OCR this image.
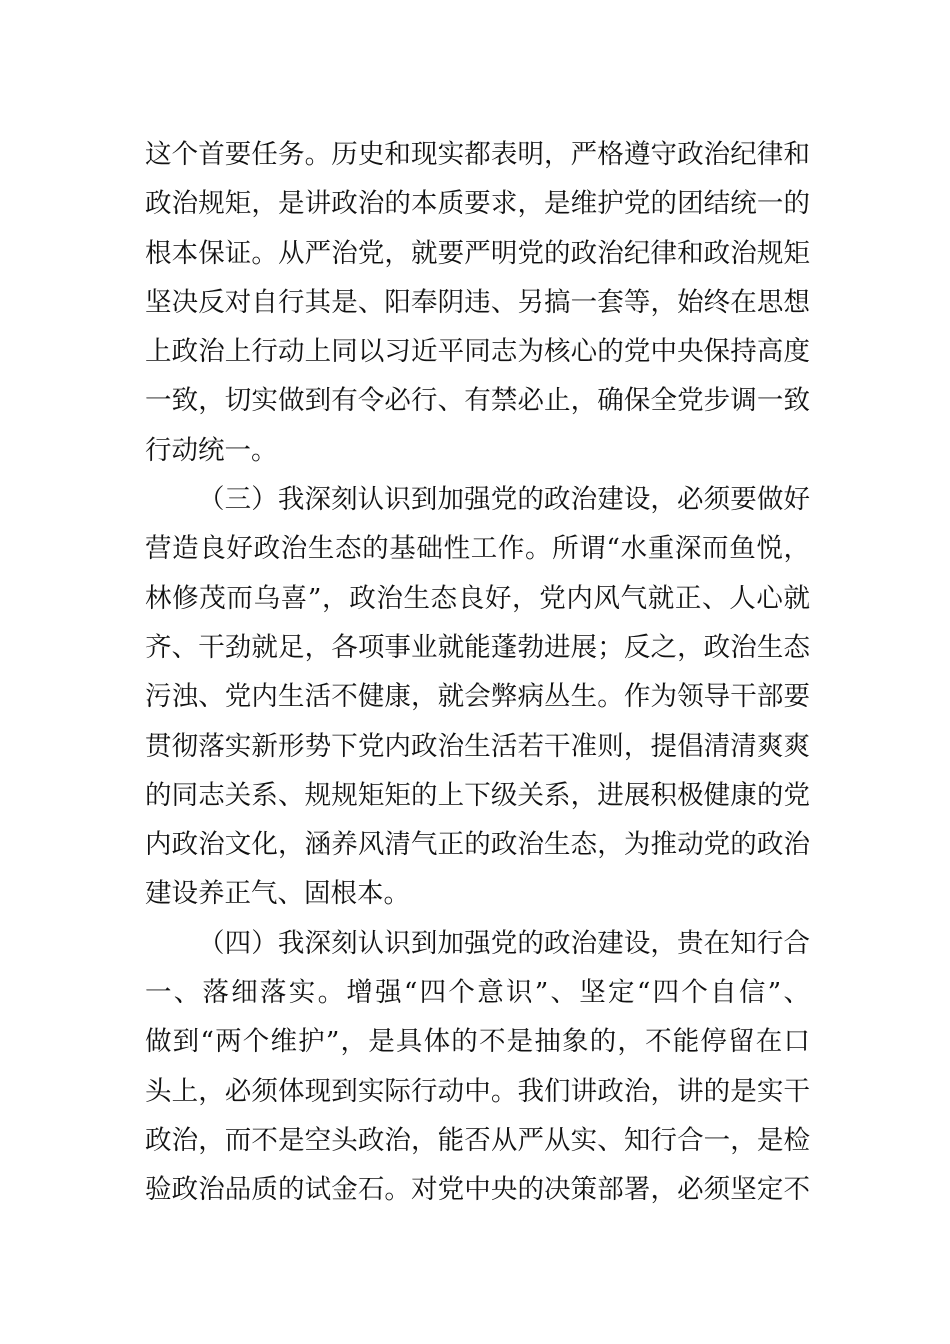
这个首要任务。历史和现实都表明，严格遵守政治纪律和
政治规矩，是讲政治的本质要求，是维护党的团结统一的
根本保证。从严治党，就要严明党的政治纪律和政治规矩
坚决反对自行其是、阳奉阴违、另搞一套等，始终在思想
上政治上行动上同以习近平同志为核心的党中央保持高度
一致，切实做到有令必行、有禁必止，确保全党步调一致
行动统一。
（三）我深刻认识到加强党的政治建设，必须要做好
营造良好政治生态的基础性工作。所谓“水重深而鱼悦，
林修茂而乌喜”，政治生态良好，党内风气就正、人心就
齐、干劲就足，各项事业就能蓬勃进展；反之，政治生态
污浊、党内生活不健康，就会弊病丛生。作为领导干部要
贯彻落实新形势下党内政治生活若干准则，提倡清清爽爽
的同志关系、规规矩矩的上下级关系，进展积极健康的党
内政治文化，涵养风清气正的政治生态，为推动党的政治
建设养正气、固根本。
（四）我深刻认识到加强党的政治建设，贵在知行合
一、落细落实。增强“四个意识”、坚定“四个自信”、
做到“两个维护”，是具体的不是抽象的，不能停留在口
头上，必须体现到实际行动中。我们讲政治，讲的是实干
政治，而不是空头政治，能否从严从实、知行合一，是检
验政治品质的试金石。对党中央的决策部署，必须坚定不
